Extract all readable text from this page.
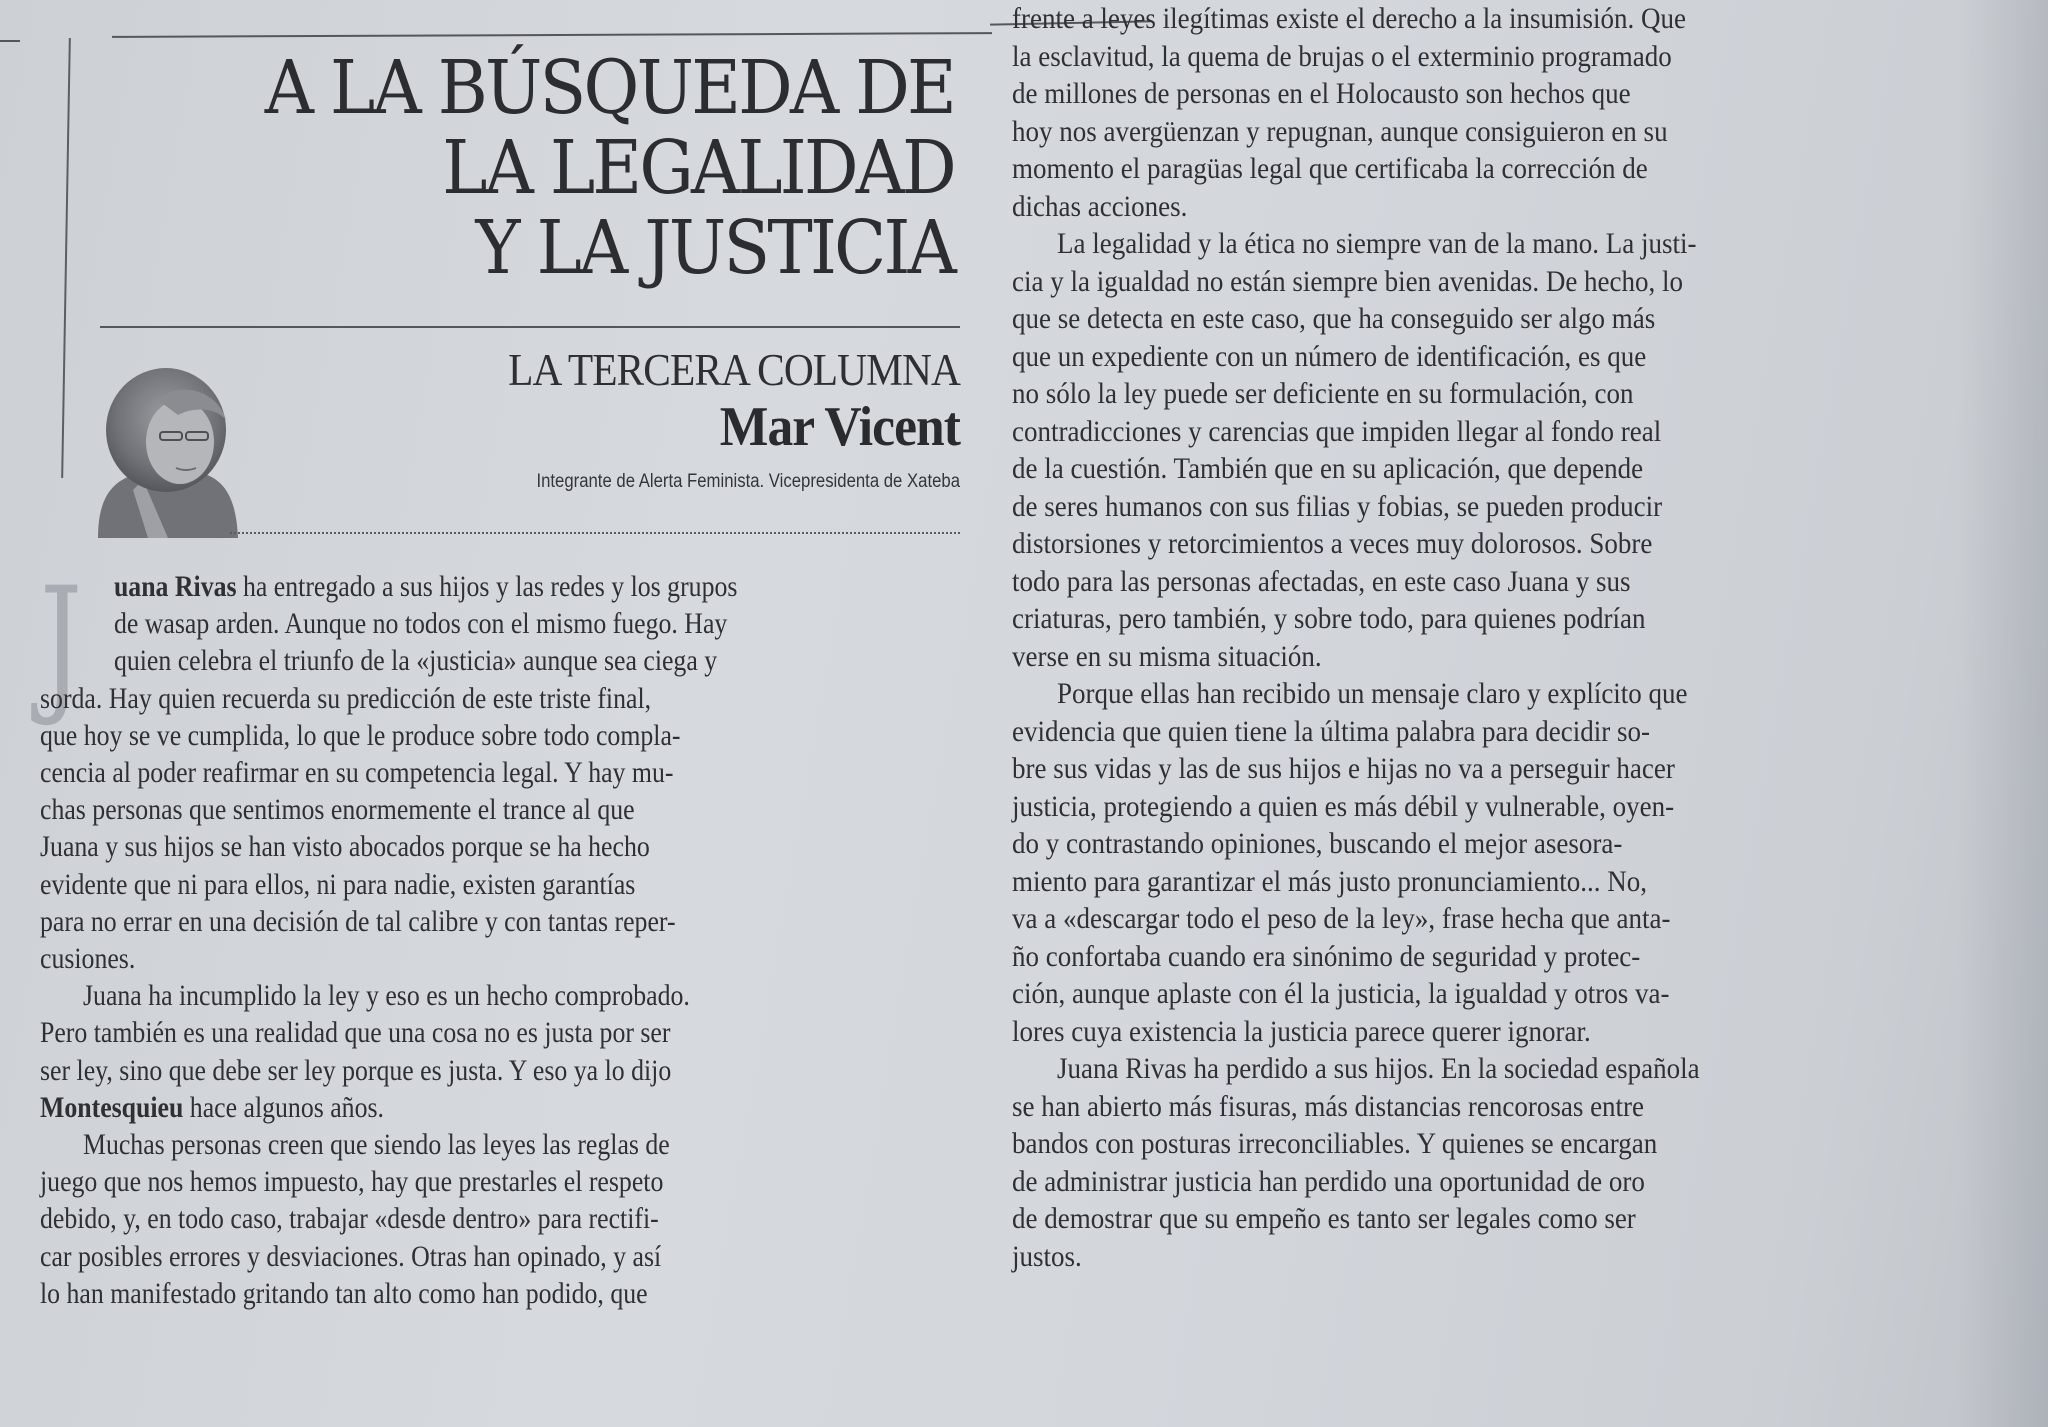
A LA BÚSQUEDA DE
LA LEGALIDAD
Y LA JUSTICIA
LA TERCERA COLUMNA
Mar Vicent
Integrante de Alerta Feminista. Vicepresidenta de Xateba
J	uana Rivas ha entregado a sus hijos y las redes y los grupos
de wasap arden. Aunque no todos con el mismo fuego. Hay
quien celebra el triunfo de la «justicia» aunque sea ciega y
sorda. Hay quien recuerda su predicción de este triste final,
que hoy se ve cumplida, lo que le produce sobre todo compla-
cencia al poder reafirmar en su competencia legal. Y hay mu-
chas personas que sentimos enormemente el trance al que
Juana y sus hijos se han visto abocados porque se ha hecho
evidente que ni para ellos, ni para nadie, existen garantías
para no errar en una decisión de tal calibre y con tantas reper-
cusiones.
Juana ha incumplido la ley y eso es un hecho comprobado.
Pero también es una realidad que una cosa no es justa por ser
ser ley, sino que debe ser ley porque es justa. Y eso ya lo dijo
Montesquieu hace algunos años.
Muchas personas creen que siendo las leyes las reglas de
juego que nos hemos impuesto, hay que prestarles el respeto
debido, y, en todo caso, trabajar «desde dentro» para rectifi-
car posibles errores y desviaciones. Otras han opinado, y así
lo han manifestado gritando tan alto como han podido, que
frente a leyes ilegítimas existe el derecho a la insumisión. Que
la esclavitud, la quema de brujas o el exterminio programado
de millones de personas en el Holocausto son hechos que
hoy nos avergüenzan y repugnan, aunque consiguieron en su
momento el paragüas legal que certificaba la corrección de
dichas acciones.
La legalidad y la ética no siempre van de la mano. La justi-
cia y la igualdad no están siempre bien avenidas. De hecho, lo
que se detecta en este caso, que ha conseguido ser algo más
que un expediente con un número de identificación, es que
no sólo la ley puede ser deficiente en su formulación, con
contradicciones y carencias que impiden llegar al fondo real
de la cuestión. También que en su aplicación, que depende
de seres humanos con sus filias y fobias, se pueden producir
distorsiones y retorcimientos a veces muy dolorosos. Sobre
todo para las personas afectadas, en este caso Juana y sus
criaturas, pero también, y sobre todo, para quienes podrían
verse en su misma situación.
Porque ellas han recibido un mensaje claro y explícito que
evidencia que quien tiene la última palabra para decidir so-
bre sus vidas y las de sus hijos e hijas no va a perseguir hacer
justicia, protegiendo a quien es más débil y vulnerable, oyen-
do y contrastando opiniones, buscando el mejor asesora-
miento para garantizar el más justo pronunciamiento... No,
va a «descargar todo el peso de la ley», frase hecha que anta-
ño confortaba cuando era sinónimo de seguridad y protec-
ción, aunque aplaste con él la justicia, la igualdad y otros va-
lores cuya existencia la justicia parece querer ignorar.
Juana Rivas ha perdido a sus hijos. En la sociedad española
se han abierto más fisuras, más distancias rencorosas entre
bandos con posturas irreconciliables. Y quienes se encargan
de administrar justicia han perdido una oportunidad de oro
de demostrar que su empeño es tanto ser legales como ser
justos.
